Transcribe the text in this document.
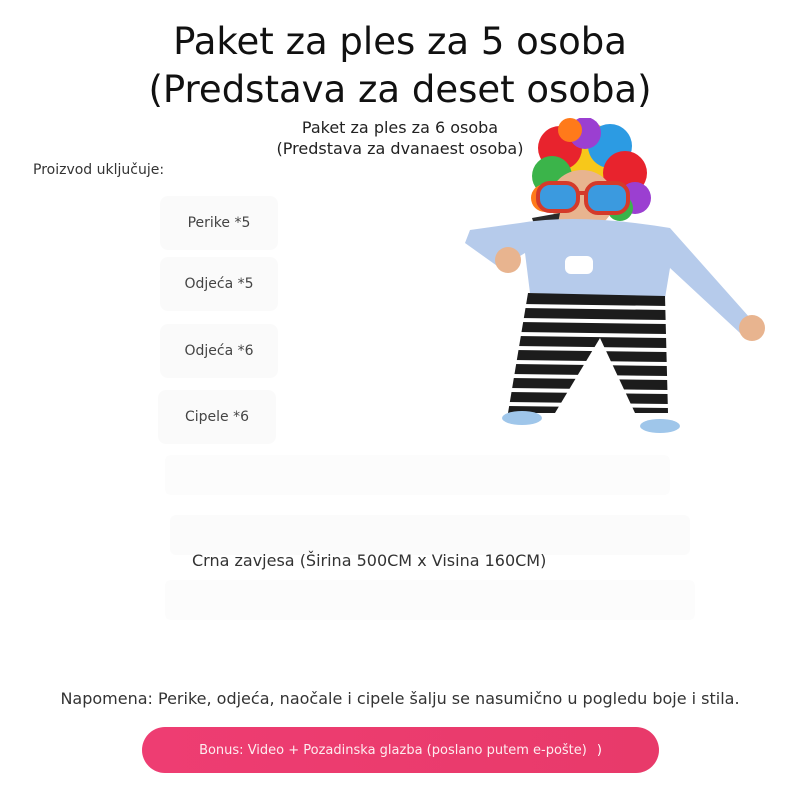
Paket za ples za 5 osoba
(Predstava za deset osoba)
Paket za ples za 6 osoba
(Predstava za dvanaest osoba)
Proizvod uključuje:
Perike *5
Odjeća *5
Odjeća *6
Cipele *6
Crna zavjesa (Širina 500CM x Visina 160CM)
Napomena: Perike, odjeća, naočale i cipele šalju se nasumično u pogledu boje i stila.
Bonus: Video + Pozadinska glazba (poslano putem e-pošte) )
